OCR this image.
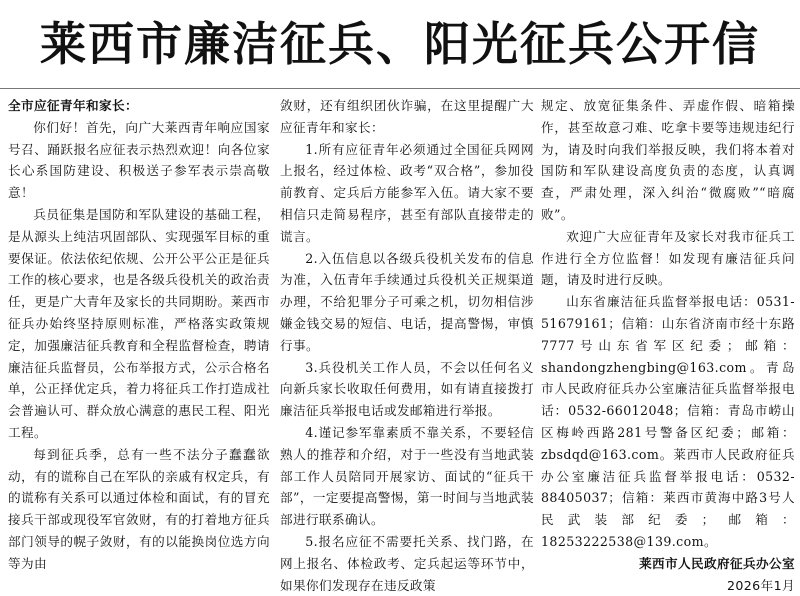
莱西市廉洁征兵、阳光征兵公开信

全市应征青年和家长：

你们好！首先，向广大莱西青年响应国家号召、踊跃报名应征表示热烈欢迎！向各位家长心系国防建设、积极送子参军表示崇高敬意！

兵员征集是国防和军队建设的基础工程，是从源头上纯洁巩固部队、实现强军目标的重要保证。依法依纪依规、公开公平公正是征兵工作的核心要求，也是各级兵役机关的政治责任，更是广大青年及家长的共同期盼。莱西市征兵办始终坚持原则标准，严格落实政策规定，加强廉洁征兵教育和全程监督检查，聘请廉洁征兵监督员，公布举报方式，公示合格名单，公正择优定兵，着力将征兵工作打造成社会普遍认可、群众放心满意的惠民工程、阳光工程。

每到征兵季，总有一些不法分子蠢蠢欲动，有的谎称自己在军队的亲戚有权定兵，有的谎称有关系可以通过体检和面试，有的冒充接兵干部或现役军官敛财，有的打着地方征兵部门领导的幌子敛财，有的以能换岗位选方向等为由

敛财，还有组织团伙诈骗，在这里提醒广大应征青年和家长：

1.所有应征青年必须通过全国征兵网网上报名，经过体检、政考“双合格”，参加役前教育、定兵后方能参军入伍。请大家不要相信只走简易程序，甚至有部队直接带走的谎言。

2.入伍信息以各级兵役机关发布的信息为准，入伍青年手续通过兵役机关正规渠道办理，不给犯罪分子可乘之机，切勿相信涉嫌金钱交易的短信、电话，提高警惕，审慎行事。

3.兵役机关工作人员，不会以任何名义向新兵家长收取任何费用，如有请直接拨打廉洁征兵举报电话或发邮箱进行举报。

4.谨记参军靠素质不靠关系，不要轻信熟人的推荐和介绍，对于一些没有当地武装部工作人员陪同开展家访、面试的“征兵干部”，一定要提高警惕，第一时间与当地武装部进行联系确认。

5.报名应征不需要托关系、找门路，在网上报名、体检政考、定兵起运等环节中，如果你们发现存在违反政策

规定、放宽征集条件、弄虚作假、暗箱操作，甚至故意刁难、吃拿卡要等违规违纪行为，请及时向我们举报反映，我们将本着对国防和军队建设高度负责的态度，认真调查，严肃处理，深入纠治“微腐败”“暗腐败”。

欢迎广大应征青年及家长对我市征兵工作进行全方位监督！如发现有廉洁征兵问题，请及时进行反映。

山东省廉洁征兵监督举报电话：0531-51679161；信箱：山东省济南市经十东路7777号山东省军区纪委；邮箱：shandongzhengbing@163.com。青岛市人民政府征兵办公室廉洁征兵监督举报电话：0532-66012048；信箱：青岛市崂山区梅岭西路281号警备区纪委；邮箱：zbsdqd@163.com。莱西市人民政府征兵办公室廉洁征兵监督举报电话：0532-88405037；信箱：莱西市黄海中路3号人民武装部纪委；邮箱：18253222538@139.com。

莱西市人民政府征兵办公室

2026年1月
